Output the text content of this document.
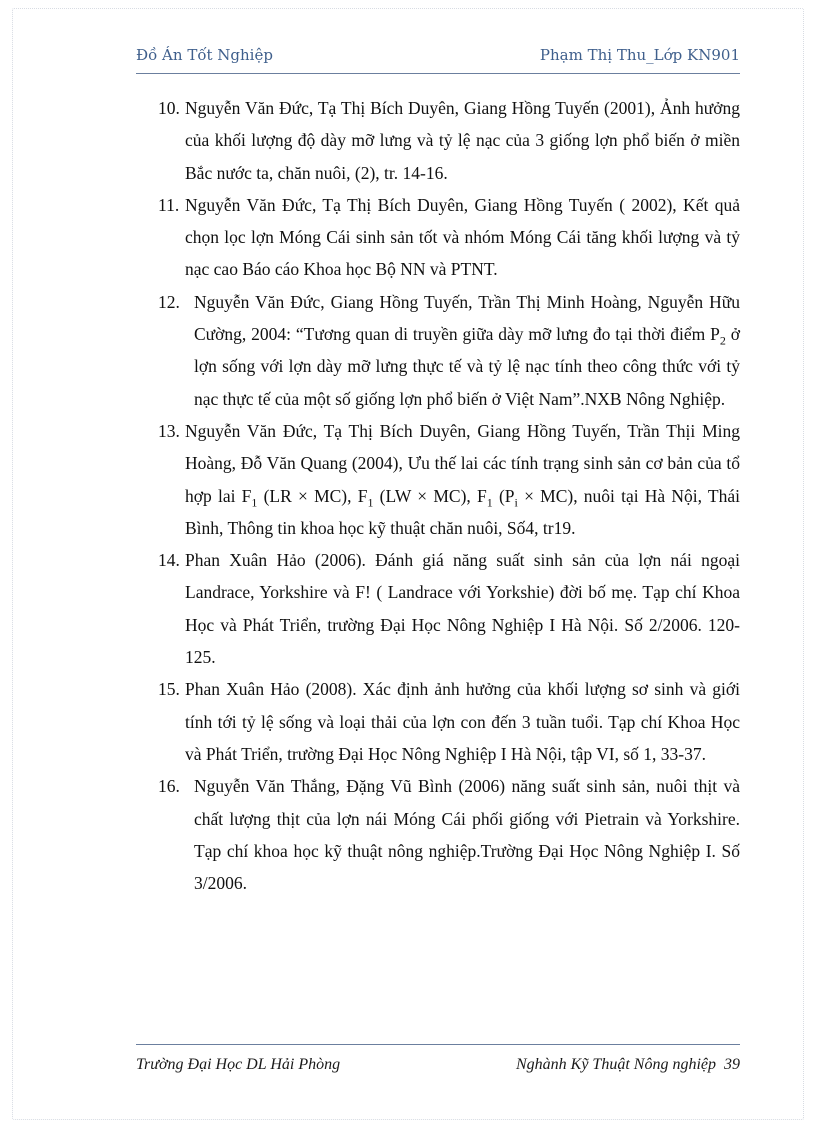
Đồ Án Tốt Nghiệp	Phạm Thị Thu_Lớp KN901
10. Nguyễn Văn Đức, Tạ Thị Bích Duyên, Giang Hồng Tuyến (2001), Ảnh hưởng của khối lượng độ dày mỡ lưng và tỷ lệ nạc của 3 giống lợn phổ biến ở miền Bắc nước ta, chăn nuôi, (2), tr. 14-16.
11. Nguyễn Văn Đức, Tạ Thị Bích Duyên, Giang Hồng Tuyến ( 2002), Kết quả chọn lọc lợn Móng Cái sinh sản tốt và nhóm Móng Cái tăng khối lượng và tỷ nạc cao Báo cáo Khoa học Bộ NN và PTNT.
12. Nguyễn Văn Đức, Giang Hồng Tuyến, Trần Thị Minh Hoàng, Nguyễn Hữu Cường, 2004: “Tương quan di truyền giữa dày mỡ lưng đo tại thời điểm $P_2$ ở lợn sống với lợn dày mỡ lưng thực tế và tỷ lệ nạc tính theo công thức với tỷ nạc thực tế của một số giống lợn phổ biến ở Việt Nam”.NXB Nông Nghiệp.
13. Nguyễn Văn Đức, Tạ Thị Bích Duyên, Giang Hồng Tuyến, Trần Thịi Ming Hoàng, Đỗ Văn Quang (2004), Ưu thế lai các tính trạng sinh sản cơ bản của tổ hợp lai $F_1$ (LR × MC), $F_1$ (LW × MC), $F_1$ $(P_i \times MC)$, nuôi tại Hà Nội, Thái Bình, Thông tin khoa học kỹ thuật chăn nuôi, Số4, tr19.
14. Phan Xuân Hảo (2006). Đánh giá năng suất sinh sản của lợn nái ngoại Landrace, Yorkshire và F! ( Landrace với Yorkshie) đời bố mẹ. Tạp chí Khoa Học và Phát Triển, trường Đại Học Nông Nghiệp I Hà Nội. Số 2/2006. 120-125.
15. Phan Xuân Hảo (2008). Xác định ảnh hưởng của khối lượng sơ sinh và giới tính tới tỷ lệ sống và loại thải của lợn con đến 3 tuần tuổi. Tạp chí Khoa Học và Phát Triển, trường Đại Học Nông Nghiệp I Hà Nội, tập VI, số 1, 33-37.
16. Nguyễn Văn Thắng, Đặng Vũ Bình (2006) năng suất sinh sản, nuôi thịt và chất lượng thịt của lợn nái Móng Cái phối giống với Pietrain và Yorkshire. Tạp chí khoa học kỹ thuật nông nghiệp.Trường Đại Học Nông Nghiệp I. Số 3/2006.
Trường Đại Học DL Hải Phòng	Nghành Kỹ Thuật Nông nghiệp 39
